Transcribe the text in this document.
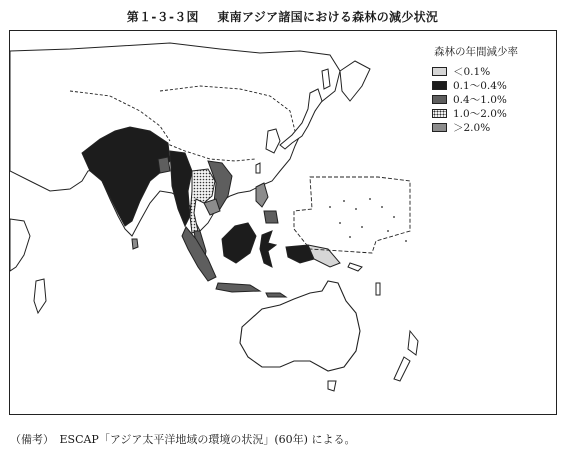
第１-３-３図 東南アジア諸国における森林の減少状況
森林の年間減少率
＜0.1%
0.1～0.4%
0.4～1.0%
1.0～2.0%
＞2.0%
（備考）　ESCAP「アジア太平洋地域の環境の状況」(60年) による。
